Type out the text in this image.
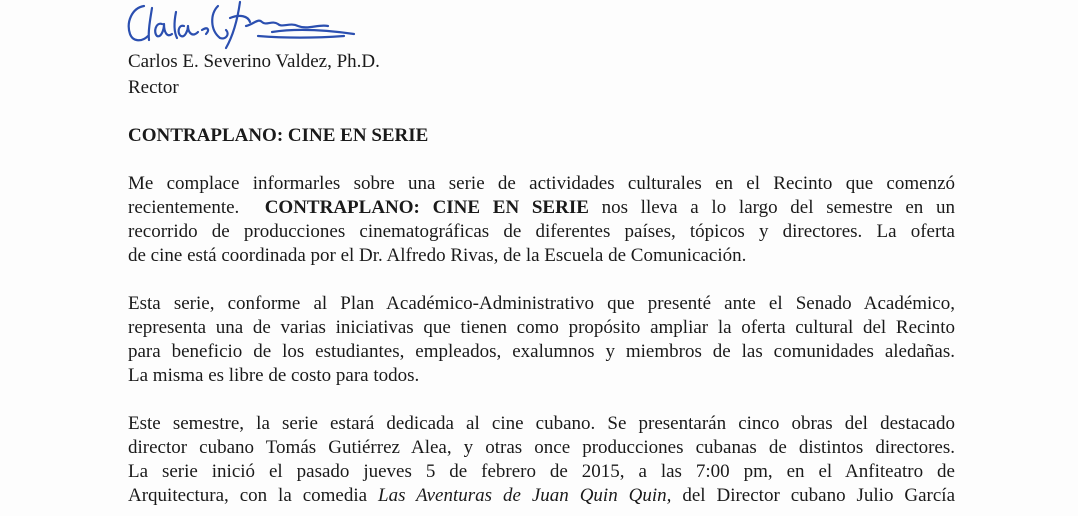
Carlos E. Severino Valdez, Ph.D.

Rector

CONTRAPLANO: CINE EN SERIE

Me complace informarles sobre una serie de actividades culturales en el Recinto que comenzó
recientemente. CONTRAPLANO: CINE EN SERIE nos lleva a lo largo del semestre en un
recorrido de producciones cinematográficas de diferentes países, tópicos y directores. La oferta
de cine está coordinada por el Dr. Alfredo Rivas, de la Escuela de Comunicación.
Esta serie, conforme al Plan Académico-Administrativo que presenté ante el Senado Académico,
representa una de varias iniciativas que tienen como propósito ampliar la oferta cultural del Recinto
para beneficio de los estudiantes, empleados, exalumnos y miembros de las comunidades aledañas.
La misma es libre de costo para todos.
Este semestre, la serie estará dedicada al cine cubano. Se presentarán cinco obras del destacado
director cubano Tomás Gutiérrez Alea, y otras once producciones cubanas de distintos directores.
La serie inició el pasado jueves 5 de febrero de 2015, a las 7:00 pm, en el Anfiteatro de
Arquitectura, con la comedia Las Aventuras de Juan Quin Quin, del Director cubano Julio García
